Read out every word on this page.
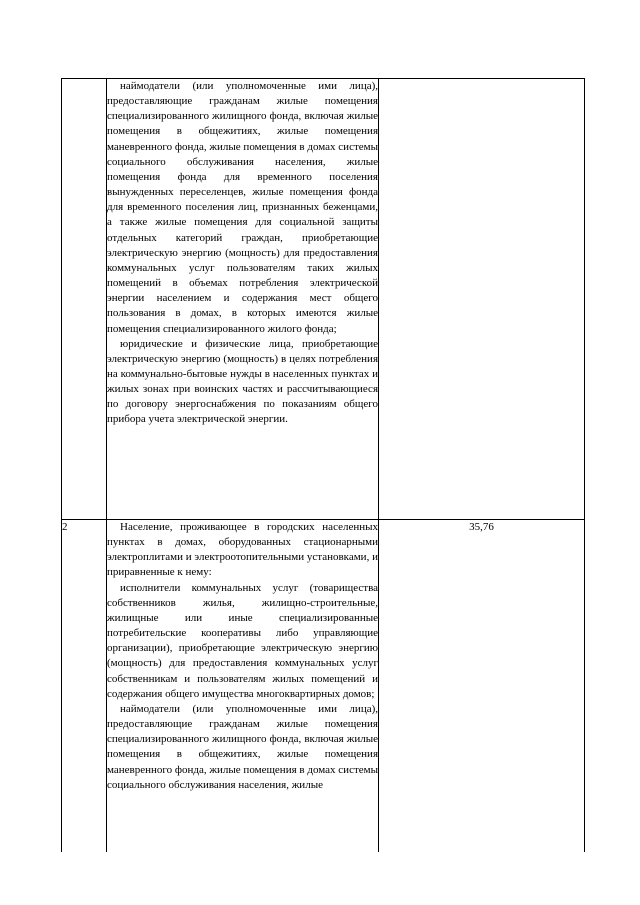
	наймодатели (или уполномоченные ими лица), предоставляющие гражданам жилые помещения специализированного жилищного фонда, включая жилые помещения в общежитиях, жилые помещения маневренного фонда, жилые помещения в домах системы социального обслуживания населения, жилые помещения фонда для временного поселения вынужденных переселенцев, жилые помещения фонда для временного поселения лиц, признанных беженцами, а также жилые помещения для социальной защиты отдельных категорий граждан, приобретающие электрическую энергию (мощность) для предоставления коммунальных услуг пользователям таких жилых помещений в объемах потребления электрической энергии населением и содержания мест общего пользования в домах, в которых имеются жилые помещения специализированного жилого фонда;

юридические и физические лица, приобретающие электрическую энергию (мощность) в целях потребления на коммунально-бытовые нужды в населенных пунктах и жилых зонах при воинских частях и рассчитывающиеся по договору энергоснабжения по показаниям общего прибора учета электрической энергии.	

2	Население, проживающее в городских населенных пунктах в домах, оборудованных стационарными электроплитами и электроотопительными установками, и приравненные к нему:

исполнители коммунальных услуг (товарищества собственников жилья, жилищно-строительные, жилищные или иные специализированные потребительские кооперативы либо управляющие организации), приобретающие электрическую энергию (мощность) для предоставления коммунальных услуг собственникам и пользователям жилых помещений и содержания общего имущества многоквартирных домов;

наймодатели (или уполномоченные ими лица), предоставляющие гражданам жилые помещения специализированного жилищного фонда, включая жилые помещения в общежитиях, жилые помещения маневренного фонда, жилые помещения в домах системы социального обслуживания населения, жилые	35,76
